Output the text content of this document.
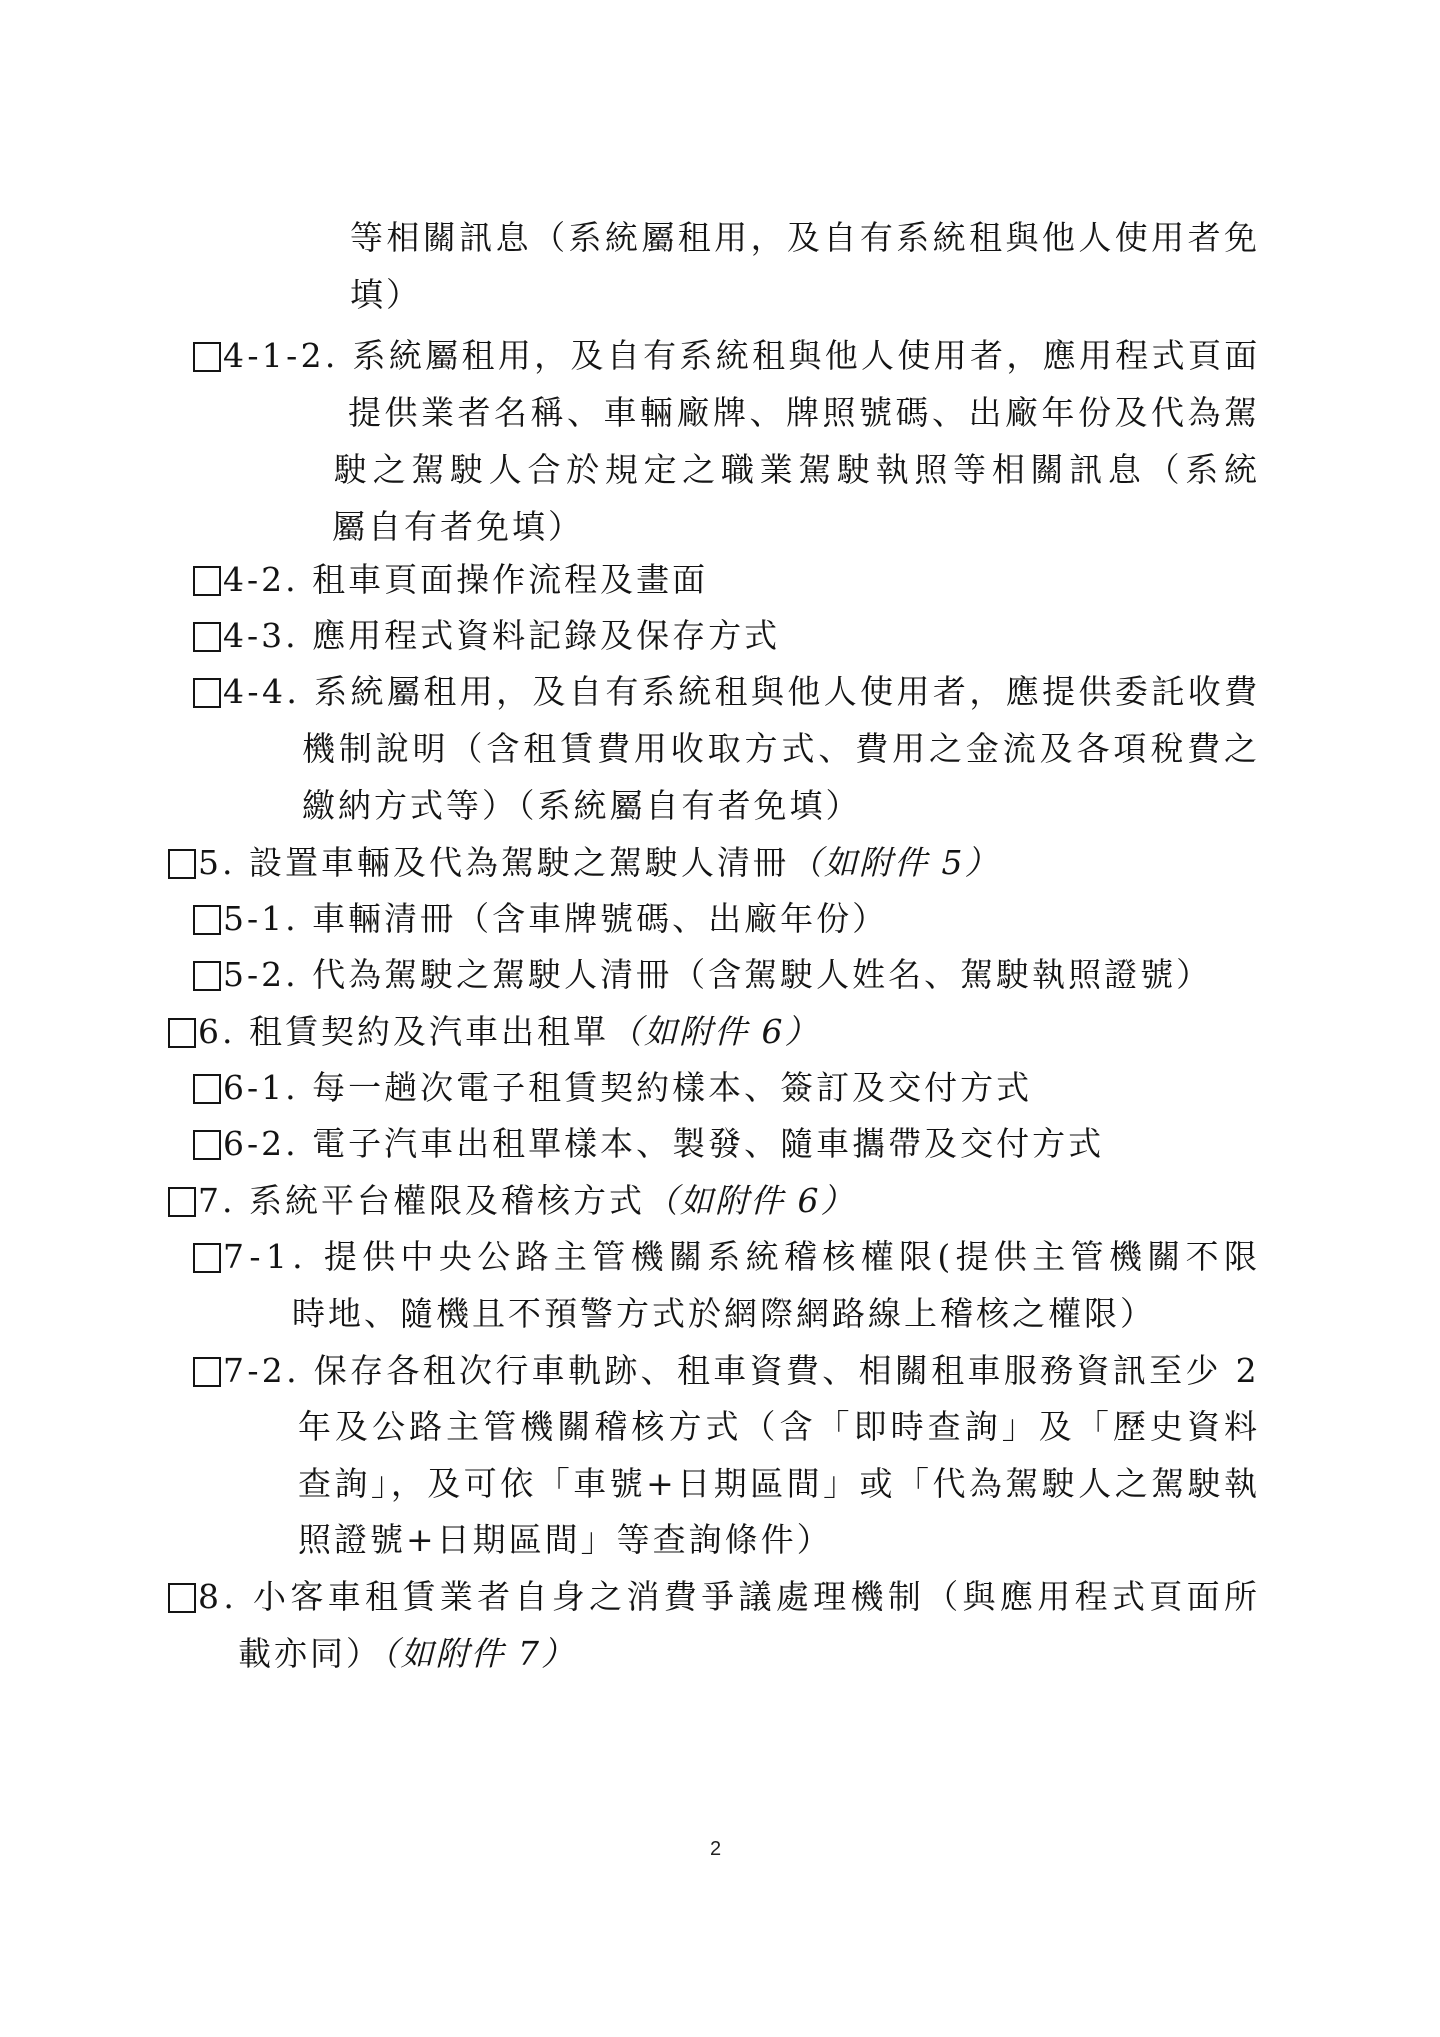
等相關訊息（系統屬租用，及自有系統租與他人使用者免
填）
4-1-2. 系統屬租用，及自有系統租與他人使用者，應用程式頁面
提供業者名稱、車輛廠牌、牌照號碼、出廠年份及代為駕
駛之駕駛人合於規定之職業駕駛執照等相關訊息（系統
屬自有者免填）
4-2. 租車頁面操作流程及畫面
4-3. 應用程式資料記錄及保存方式
4-4. 系統屬租用，及自有系統租與他人使用者，應提供委託收費
機制說明（含租賃費用收取方式、費用之金流及各項稅費之
繳納方式等）（系統屬自有者免填）
5. 設置車輛及代為駕駛之駕駛人清冊（如附件 5）
5-1. 車輛清冊（含車牌號碼、出廠年份）
5-2. 代為駕駛之駕駛人清冊（含駕駛人姓名、駕駛執照證號）
6. 租賃契約及汽車出租單（如附件 6）
6-1. 每一趟次電子租賃契約樣本、簽訂及交付方式
6-2. 電子汽車出租單樣本、製發、隨車攜帶及交付方式
7. 系統平台權限及稽核方式（如附件 6）
7-1. 提供中央公路主管機關系統稽核權限(提供主管機關不限
時地、隨機且不預警方式於網際網路線上稽核之權限）
7-2. 保存各租次行車軌跡、租車資費、相關租車服務資訊至少 2
年及公路主管機關稽核方式（含「即時查詢」及「歷史資料
查詢」，及可依「車號+日期區間」或「代為駕駛人之駕駛執
照證號+日期區間」等查詢條件）
8. 小客車租賃業者自身之消費爭議處理機制（與應用程式頁面所
載亦同）（如附件 7）
2
